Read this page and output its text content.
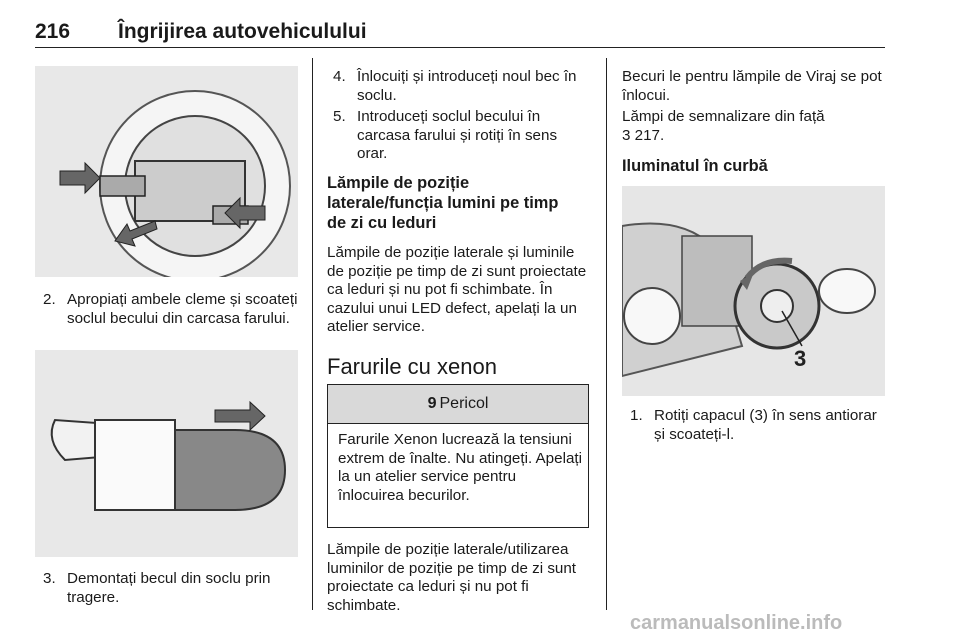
216 Îngrijirea autovehiculului
2. Apropiați ambele cleme și scoateți soclul becului din carcasa farului.
3. Demontați becul din soclu prin tragere.
4. Înlocuiți și introduceți noul bec în soclu.
5. Introduceți soclul becului în carcasa farului și rotiți în sens orar.
Lămpile de poziție laterale/funcția lumini pe timp de zi cu leduri
Lămpile de poziție laterale și luminile de poziție pe timp de zi sunt proiectate ca leduri și nu pot fi schimbate. În cazului unui LED defect, apelați la un atelier service.
Farurile cu xenon
9 Pericol
Farurile Xenon lucrează la tensiuni extrem de înalte. Nu atingeți. Apelați la un atelier service pentru înlocuirea becurilor.
Lămpile de poziție laterale/utilizarea luminilor de poziție pe timp de zi sunt proiectate ca leduri și nu pot fi schimbate.
Becuri le pentru lămpile de Viraj se pot înlocui.
Lămpi de semnalizare din față
3 217.
Iluminatul în curbă
3
1. Rotiți capacul (3) în sens antiorar și scoateți-l.
carmanualsonline.info
